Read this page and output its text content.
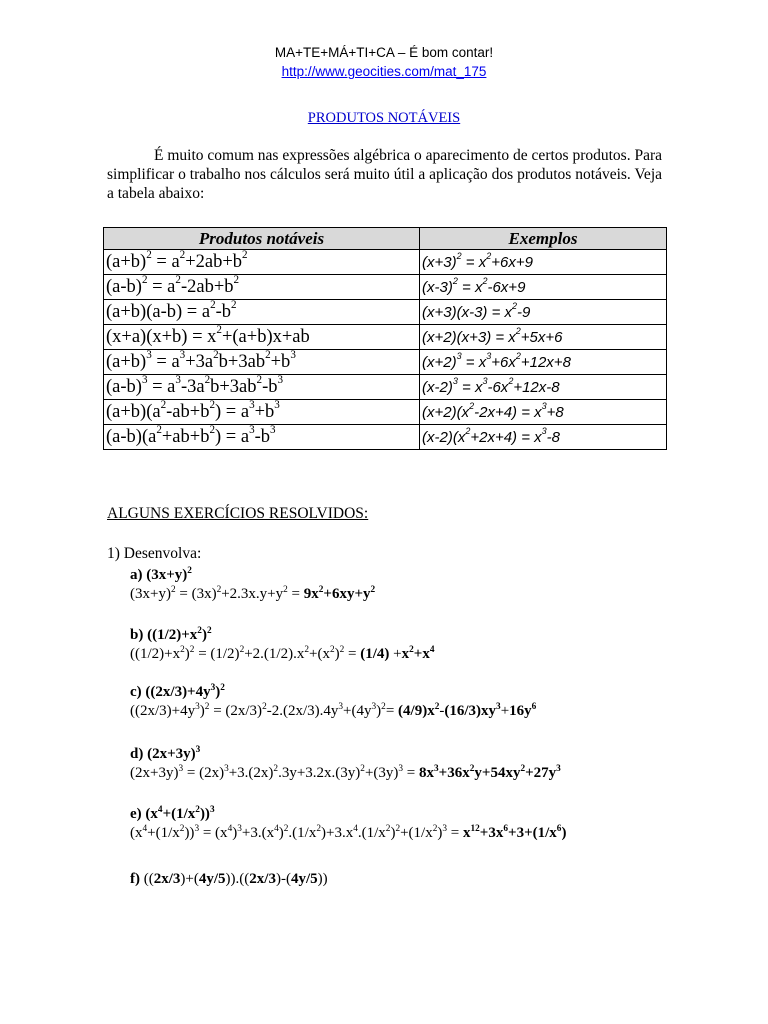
MA+TE+MÁ+TI+CA – É bom contar!
http://www.geocities.com/mat_175
PRODUTOS NOTÁVEIS
É muito comum nas expressões algébrica o aparecimento de certos produtos. Para simplificar o trabalho nos cálculos será muito útil a aplicação dos produtos notáveis. Veja a tabela abaixo:
Produtos notáveis	Exemplos
$(a+b)^2 = a^2+2ab+b^2$	$(x+3)^2 = x^2+6x+9$
$(a-b)^2 = a^2-2ab+b^2$	$(x-3)^2 = x^2-6x+9$
$(a+b)(a-b) = a^2-b^2$	$(x+3)(x-3) = x^2-9$
$(x+a)(x+b) = x^2+(a+b)x+ab$	$(x+2)(x+3) = x^2+5x+6$
$(a+b)^3 = a^3+3a^2b+3ab^2+b^3$	$(x+2)^3 = x^3+6x^2+12x+8$
$(a-b)^3 = a^3-3a^2b+3ab^2-b^3$	$(x-2)^3 = x^3-6x^2+12x-8$
$(a+b)(a^2-ab+b^2) = a^3+b^3$	$(x+2)(x^2-2x+4) = x^3+8$
$(a-b)(a^2+ab+b^2) = a^3-b^3$	$(x-2)(x^2+2x+4) = x^3-8$
ALGUNS EXERCÍCIOS RESOLVIDOS:
1) Desenvolva:
a) $(3x+y)^2$
$(3x+y)^2 = (3x)^2+2.3x.y+y^2 = 9x^2+6xy+y^2$
b) $((1/2)+x^2)^2$
$((1/2)+x^2)^2 = (1/2)^2+2.(1/2).x^2+(x^2)^2 = (1/4) +x^2+x^4$
c) $((2x/3)+4y^3)^2$
$((2x/3)+4y^3)^2 = (2x/3)^2-2.(2x/3).4y^3+(4y^3)^2= (4/9)x^2-(16/3)xy^3+16y^6$
d) $(2x+3y)^3$
$(2x+3y)^3 = (2x)^3+3.(2x)^2.3y+3.2x.(3y)^2+(3y)^3 = 8x^3+36x^2y+54xy^2+27y^3$
e) $(x^4+(1/x^2))^3$
$(x^4+(1/x^2))^3 = (x^4)^3+3.(x^4)^2.(1/x^2)+3.x^4.(1/x^2)^2+(1/x^2)^3 = x^{12}+3x^6+3+(1/x^6)$
f) ((2x/3)+(4y/5)).((2x/3)-(4y/5))
